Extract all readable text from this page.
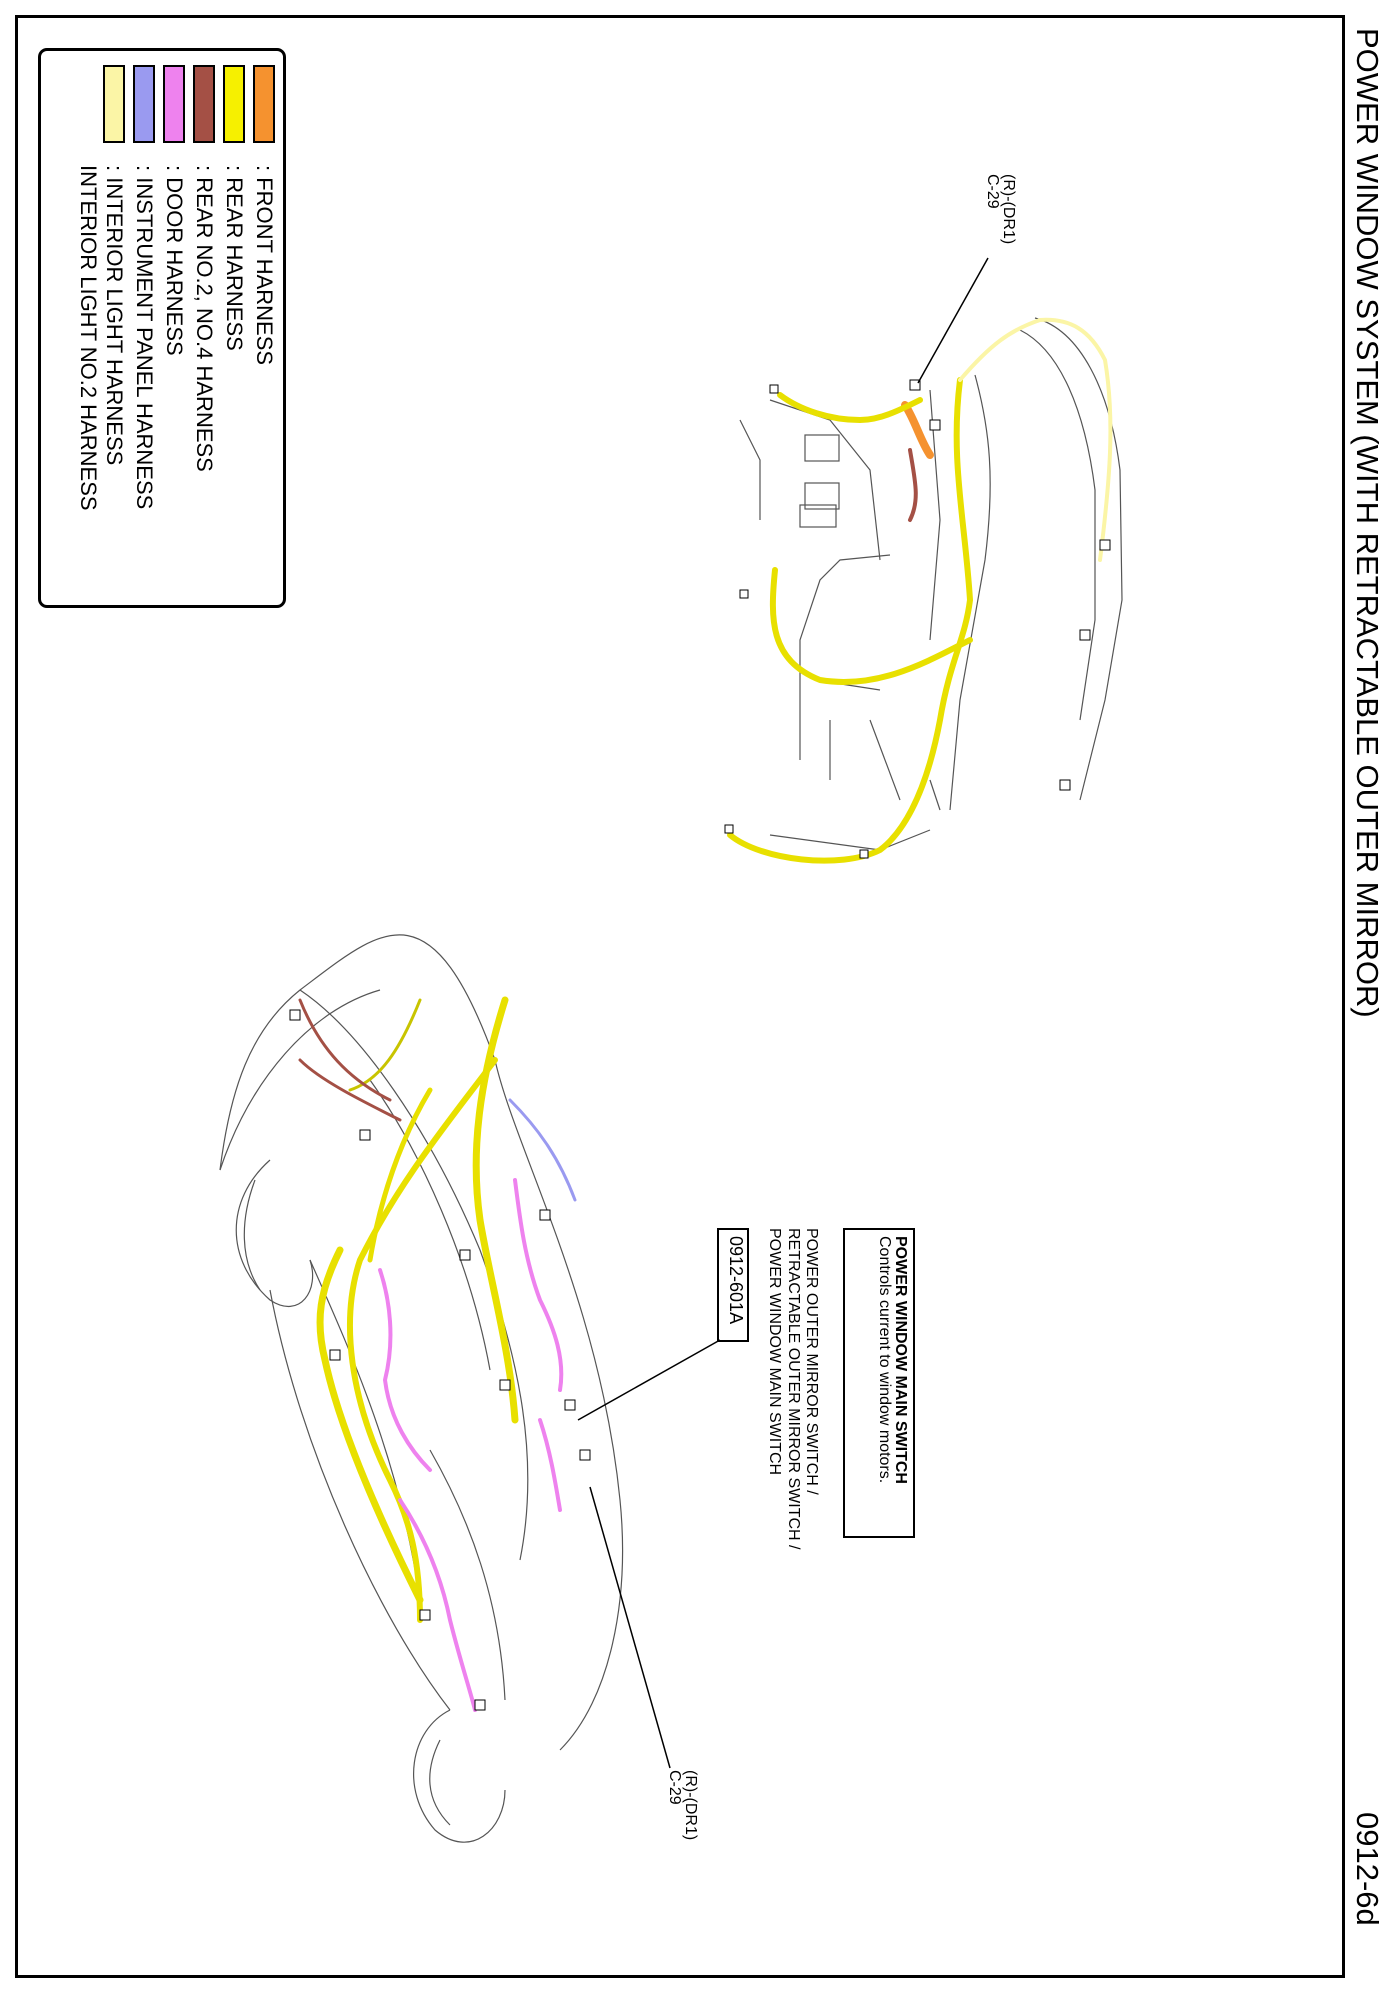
POWER WINDOW SYSTEM (WITH RETRACTABLE OUTER MIRROR)
0912-6d
: FRONT HARNESS
: REAR HARNESS
: REAR NO.2, NO.4 HARNESS
: DOOR HARNESS
: INSTRUMENT PANEL HARNESS
: INTERIOR LIGHT HARNESS
INTERIOR LIGHT NO.2 HARNESS	(R)-(DR1)
C-29
POWER WINDOW MAIN SWITCH
Controls current to window motors.
0912-601A	POWER OUTER MIRROR SWITCH /
RETRACTABLE OUTER MIRROR SWITCH /
POWER WINDOW MAIN SWITCH
(R)-(DR1)
C-29
